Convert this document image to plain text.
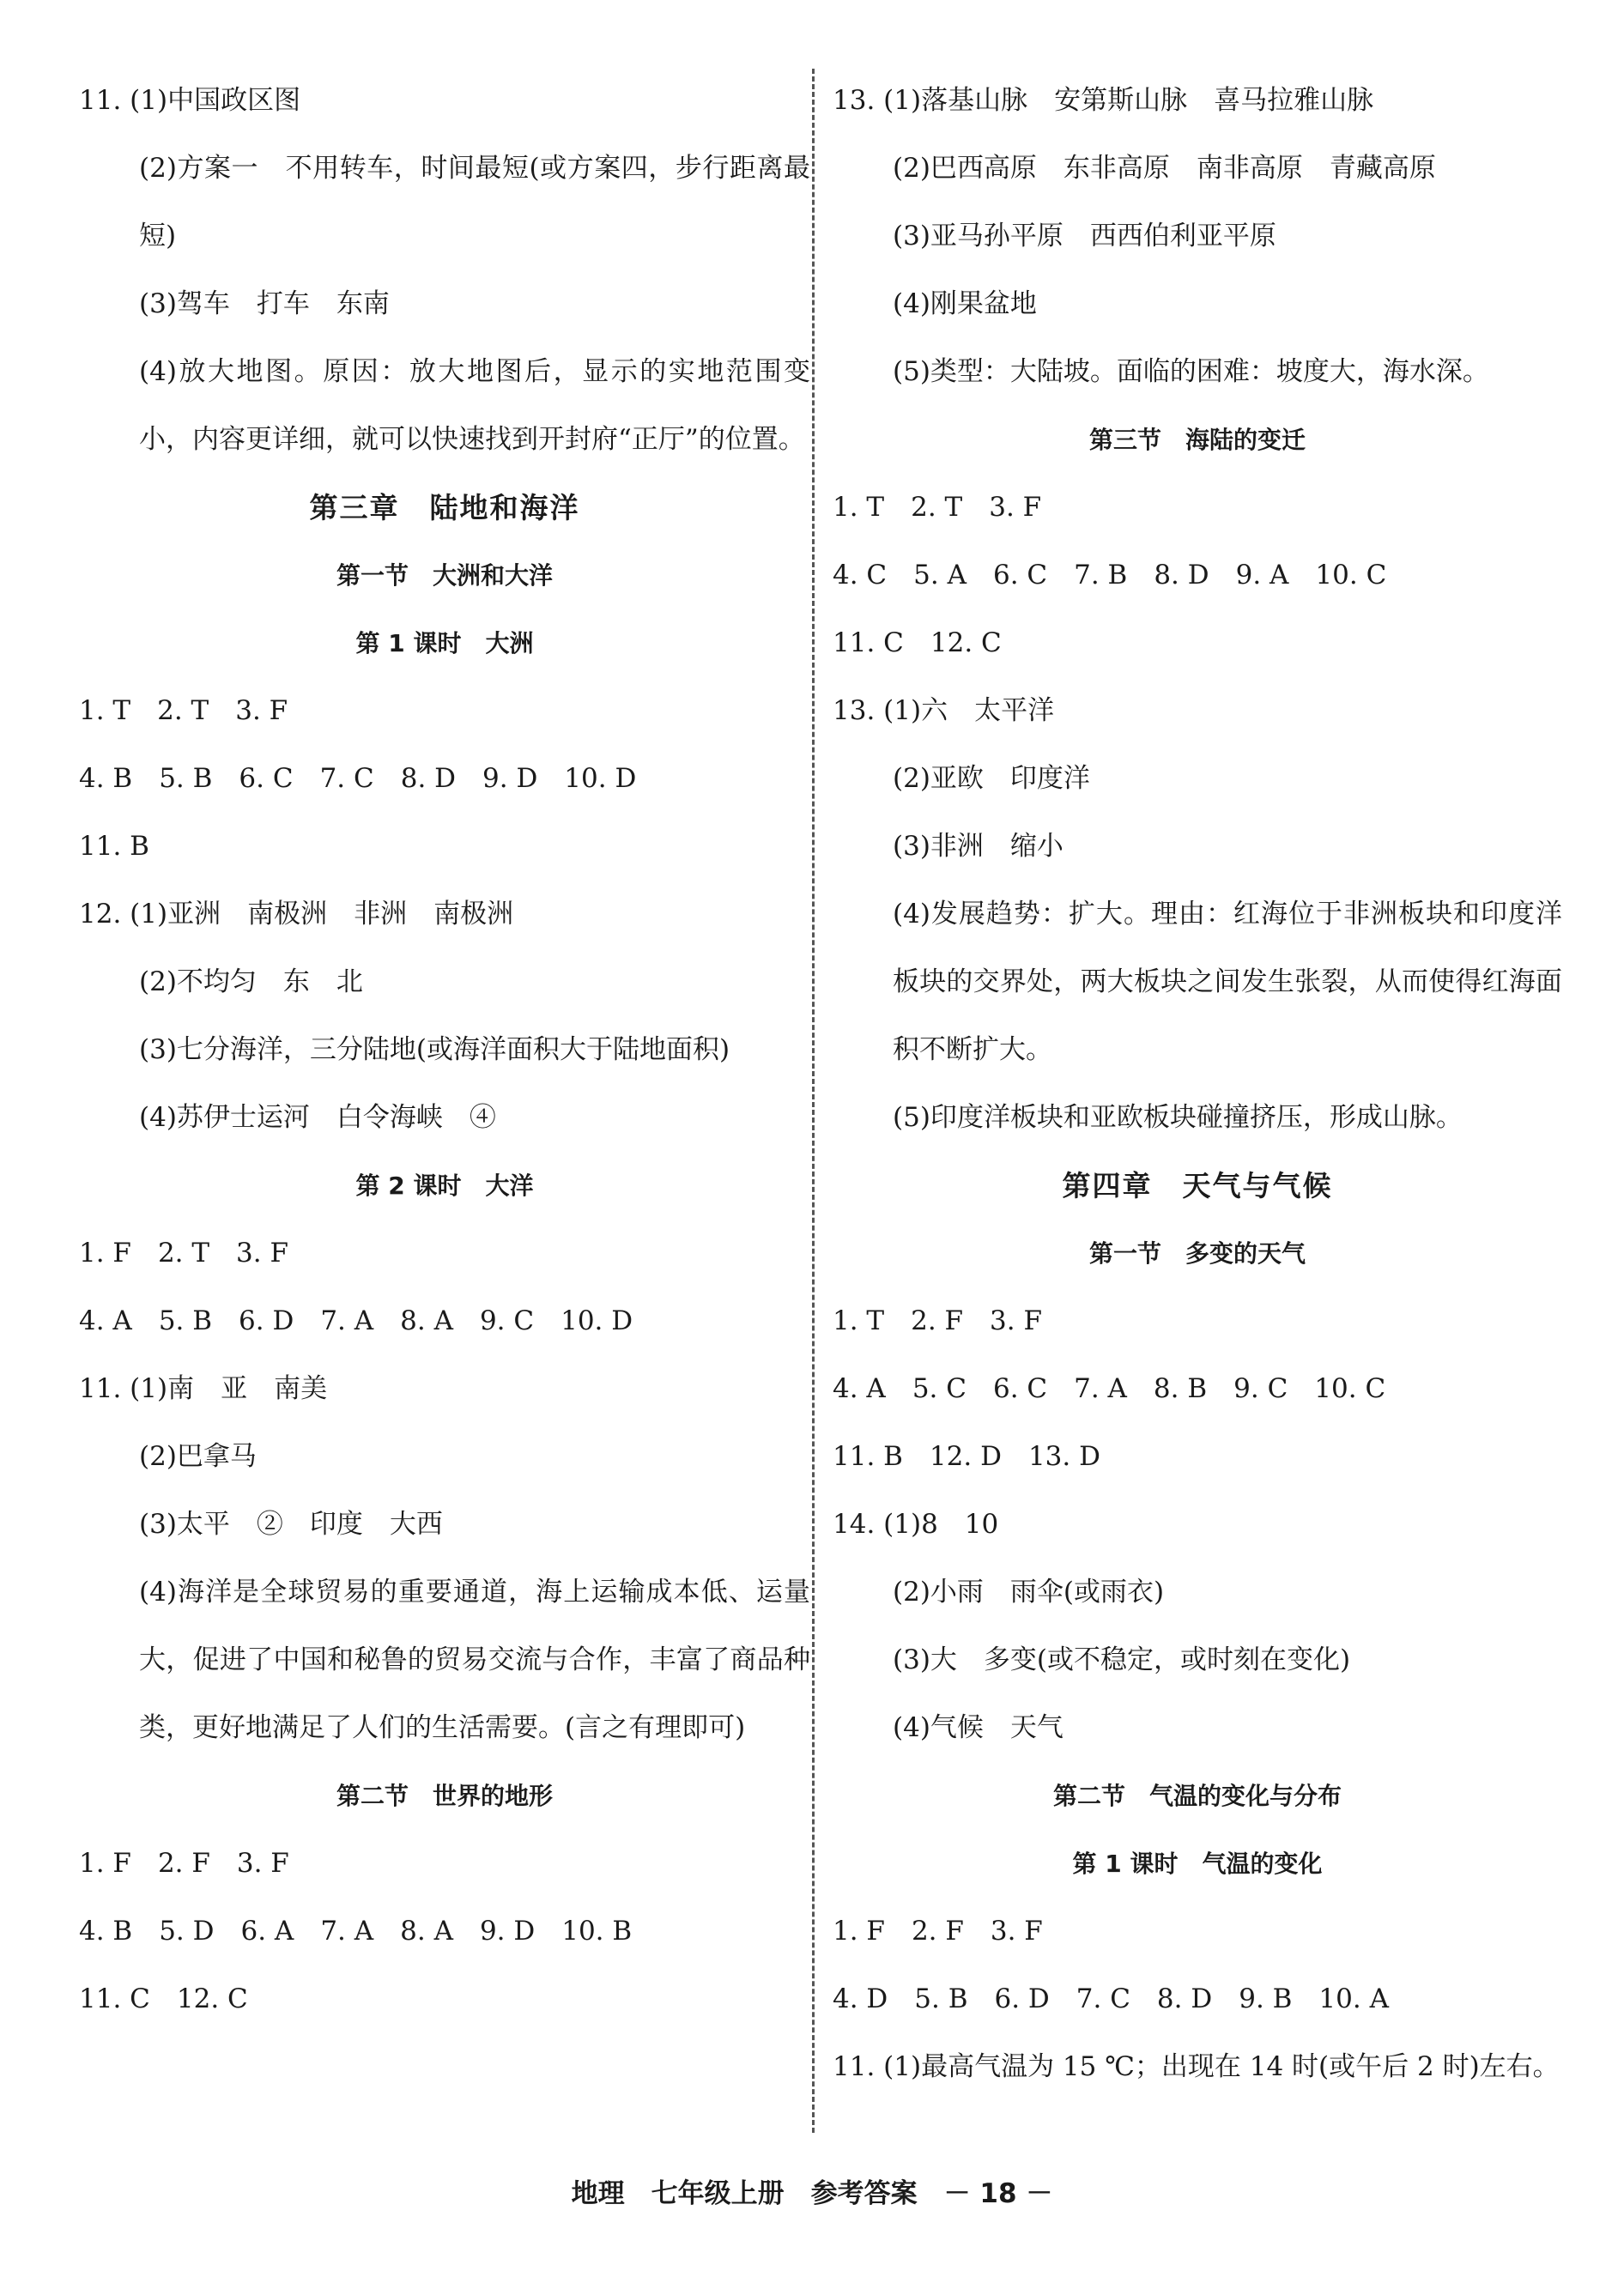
11. (1)中国政区图
(2)方案一　不用转车，时间最短(或方案四，步行距离最短)
(3)驾车　打车　东南
(4)放大地图。原因：放大地图后，显示的实地范围变小，内容更详细，就可以快速找到开封府“正厅”的位置。
第三章　陆地和海洋
第一节　大洲和大洋
第 1 课时　大洲
1. T　2. T　3. F
4. B　5. B　6. C　7. C　8. D　9. D　10. D
11. B
12. (1)亚洲　南极洲　非洲　南极洲
(2)不均匀　东　北
(3)七分海洋，三分陆地(或海洋面积大于陆地面积)
(4)苏伊士运河　白令海峡　④
第 2 课时　大洋
1. F　2. T　3. F
4. A　5. B　6. D　7. A　8. A　9. C　10. D
11. (1)南　亚　南美
(2)巴拿马
(3)太平　②　印度　大西
(4)海洋是全球贸易的重要通道，海上运输成本低、运量大，促进了中国和秘鲁的贸易交流与合作，丰富了商品种类，更好地满足了人们的生活需要。(言之有理即可)
第二节　世界的地形
1. F　2. F　3. F
4. B　5. D　6. A　7. A　8. A　9. D　10. B
11. C　12. C
13. (1)落基山脉　安第斯山脉　喜马拉雅山脉
(2)巴西高原　东非高原　南非高原　青藏高原
(3)亚马孙平原　西西伯利亚平原
(4)刚果盆地
(5)类型：大陆坡。面临的困难：坡度大，海水深。
第三节　海陆的变迁
1. T　2. T　3. F
4. C　5. A　6. C　7. B　8. D　9. A　10. C
11. C　12. C
13. (1)六　太平洋
(2)亚欧　印度洋
(3)非洲　缩小
(4)发展趋势：扩大。理由：红海位于非洲板块和印度洋板块的交界处，两大板块之间发生张裂，从而使得红海面积不断扩大。
(5)印度洋板块和亚欧板块碰撞挤压，形成山脉。
第四章　天气与气候
第一节　多变的天气
1. T　2. F　3. F
4. A　5. C　6. C　7. A　8. B　9. C　10. C
11. B　12. D　13. D
14. (1)8　10
(2)小雨　雨伞(或雨衣)
(3)大　多变(或不稳定，或时刻在变化)
(4)气候　天气
第二节　气温的变化与分布
第 1 课时　气温的变化
1. F　2. F　3. F
4. D　5. B　6. D　7. C　8. D　9. B　10. A
11. (1)最高气温为 15 ℃；出现在 14 时(或午后 2 时)左右。
地理　七年级上册　参考答案　－ 18 －
